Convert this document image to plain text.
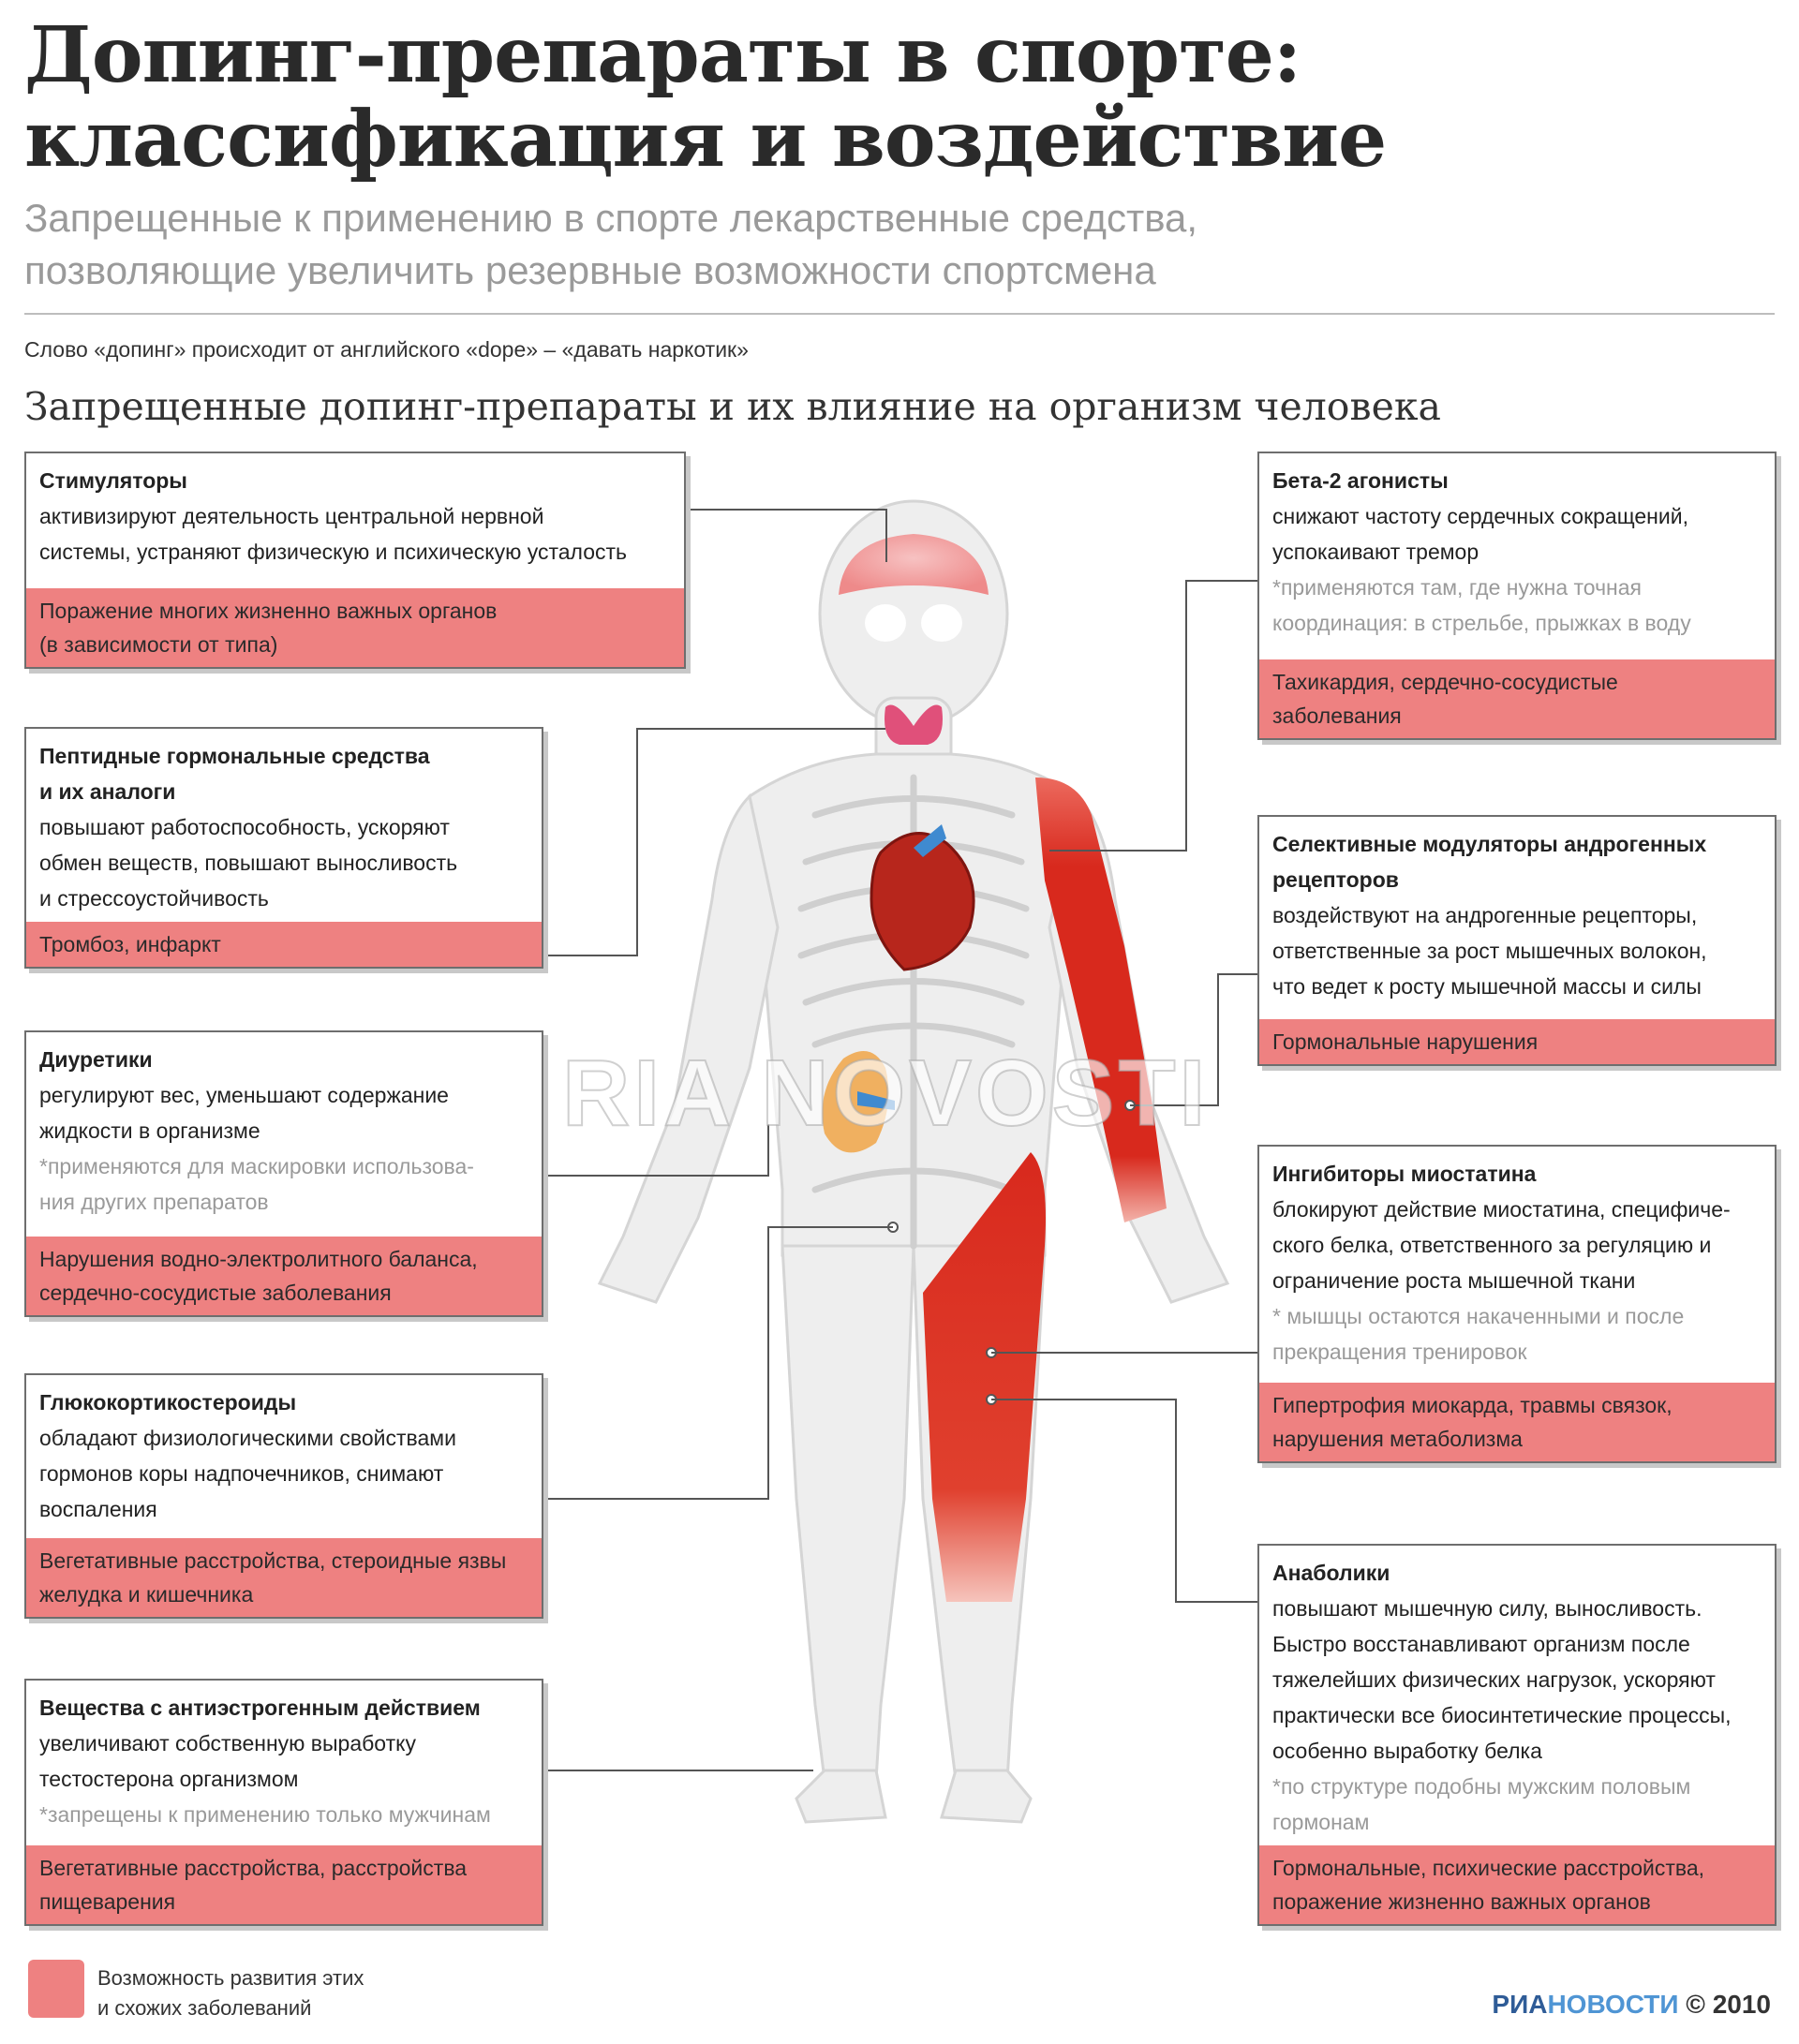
Допинг-препараты в спорте:
классификация и воздействие
Запрещенные к применению в спорте лекарственные средства,
позволяющие увеличить резервные возможности спортсмена
Слово «допинг» происходит от английского «dope» – «давать наркотик»
Запрещенные допинг-препараты и их влияние на организм человека
RIA NOVOSTI
Стимуляторы
активизируют деятельность центральной нервной
системы, устраняют физическую и психическую усталость
Поражение многих жизненно важных органов
(в зависимости от типа)
Пептидные гормональные средства
и их аналоги
повышают работоспособность, ускоряют
обмен веществ, повышают выносливость
и стрессоустойчивость
Тромбоз, инфаркт
Диуретики
регулируют вес, уменьшают содержание
жидкости в организме
*применяются для маскировки использова-
ния других препаратов
Нарушения водно-электролитного баланса,
сердечно-сосудистые заболевания
Глюкокортикостероиды
обладают физиологическими свойствами
гормонов коры надпочечников, снимают
воспаления
Вегетативные расстройства, стероидные язвы
желудка и кишечника
Вещества с антиэстрогенным действием
увеличивают собственную выработку
тестостерона организмом
*запрещены к применению только мужчинам
Вегетативные расстройства, расстройства
пищеварения
Бета-2 агонисты
снижают частоту сердечных сокращений,
успокаивают тремор
*применяются там, где нужна точная
координация: в стрельбе, прыжках в воду
Тахикардия, сердечно-сосудистые
заболевания
Селективные модуляторы андрогенных
рецепторов
воздействуют на андрогенные рецепторы,
ответственные за рост мышечных волокон,
что ведет к росту мышечной массы и силы
Гормональные нарушения
Ингибиторы миостатина
блокируют действие миостатина, специфиче-
ского белка, ответственного за регуляцию и
ограничение роста мышечной ткани
* мышцы остаются накаченными и после
прекращения тренировок
Гипертрофия миокарда, травмы связок,
нарушения метаболизма
Анаболики
повышают мышечную силу, выносливость.
Быстро восстанавливают организм после
тяжелейших физических нагрузок, ускоряют
практически все биосинтетические процессы,
особенно выработку белка
*по структуре подобны мужским половым
гормонам
Гормональные, психические расстройства,
поражение жизненно важных органов
Возможность развития этих
и схожих заболеваний	РИАНОВОСТИ © 2010
